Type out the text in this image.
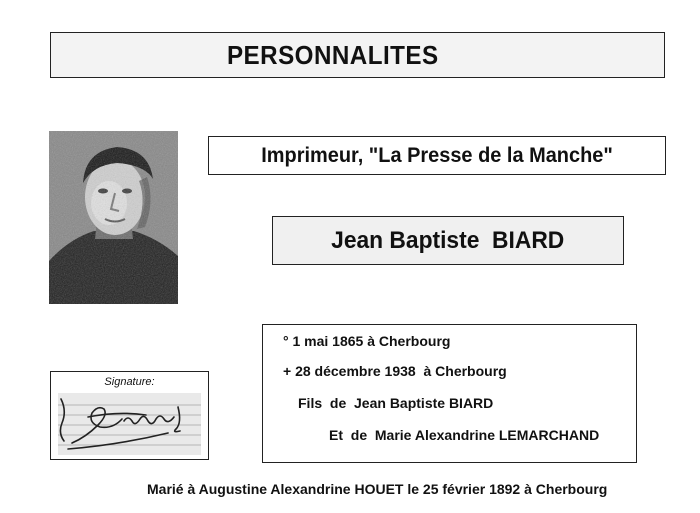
PERSONNALITES
Imprimeur, "La Presse de la Manche"
Jean Baptiste  BIARD
° 1 mai 1865 à Cherbourg
+ 28 décembre 1938  à Cherbourg
Fils  de  Jean Baptiste BIARD
Et  de  Marie Alexandrine LEMARCHAND
Signature:
Marié à Augustine Alexandrine HOUET le 25 février 1892 à Cherbourg
